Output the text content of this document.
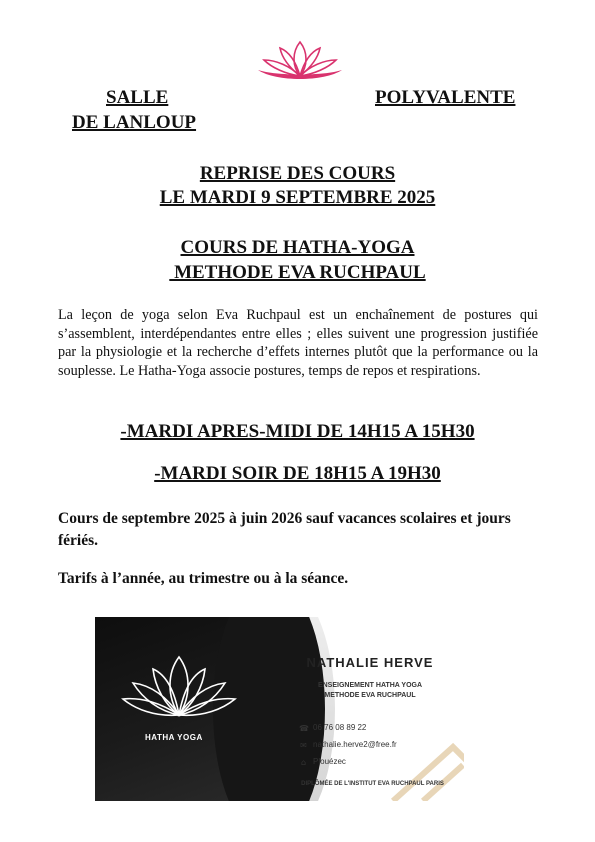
SALLE	POLYVALENTE
DE LANLOUP
REPRISE DES COURS
LE MARDI 9 SEPTEMBRE 2025
COURS DE HATHA-YOGA
METHODE EVA RUCHPAUL
La leçon de yoga selon Eva Ruchpaul est un enchaînement de postures qui s’assemblent, interdépendantes entre elles ; elles suivent une progression justifiée par la physiologie et la recherche d’effets internes plutôt que la performance ou la souplesse. Le Hatha-Yoga associe postures, temps de repos et respirations.
-MARDI APRES-MIDI DE 14H15 A 15H30
-MARDI SOIR DE 18H15 A 19H30
Cours de septembre 2025 à juin 2026 sauf vacances scolaires et jours fériés.
Tarifs à l’année, au trimestre ou à la séance.
HATHA YOGA
NATHALIE HERVE
ENSEIGNEMENT HATHA YOGA
METHODE EVA RUCHPAUL
☎ 06 76 08 89 22
✉ nathalie.herve2@free.fr
⌂ Plouézec
DIPLÔMÉE DE L'INSTITUT EVA RUCHPAUL PARIS
